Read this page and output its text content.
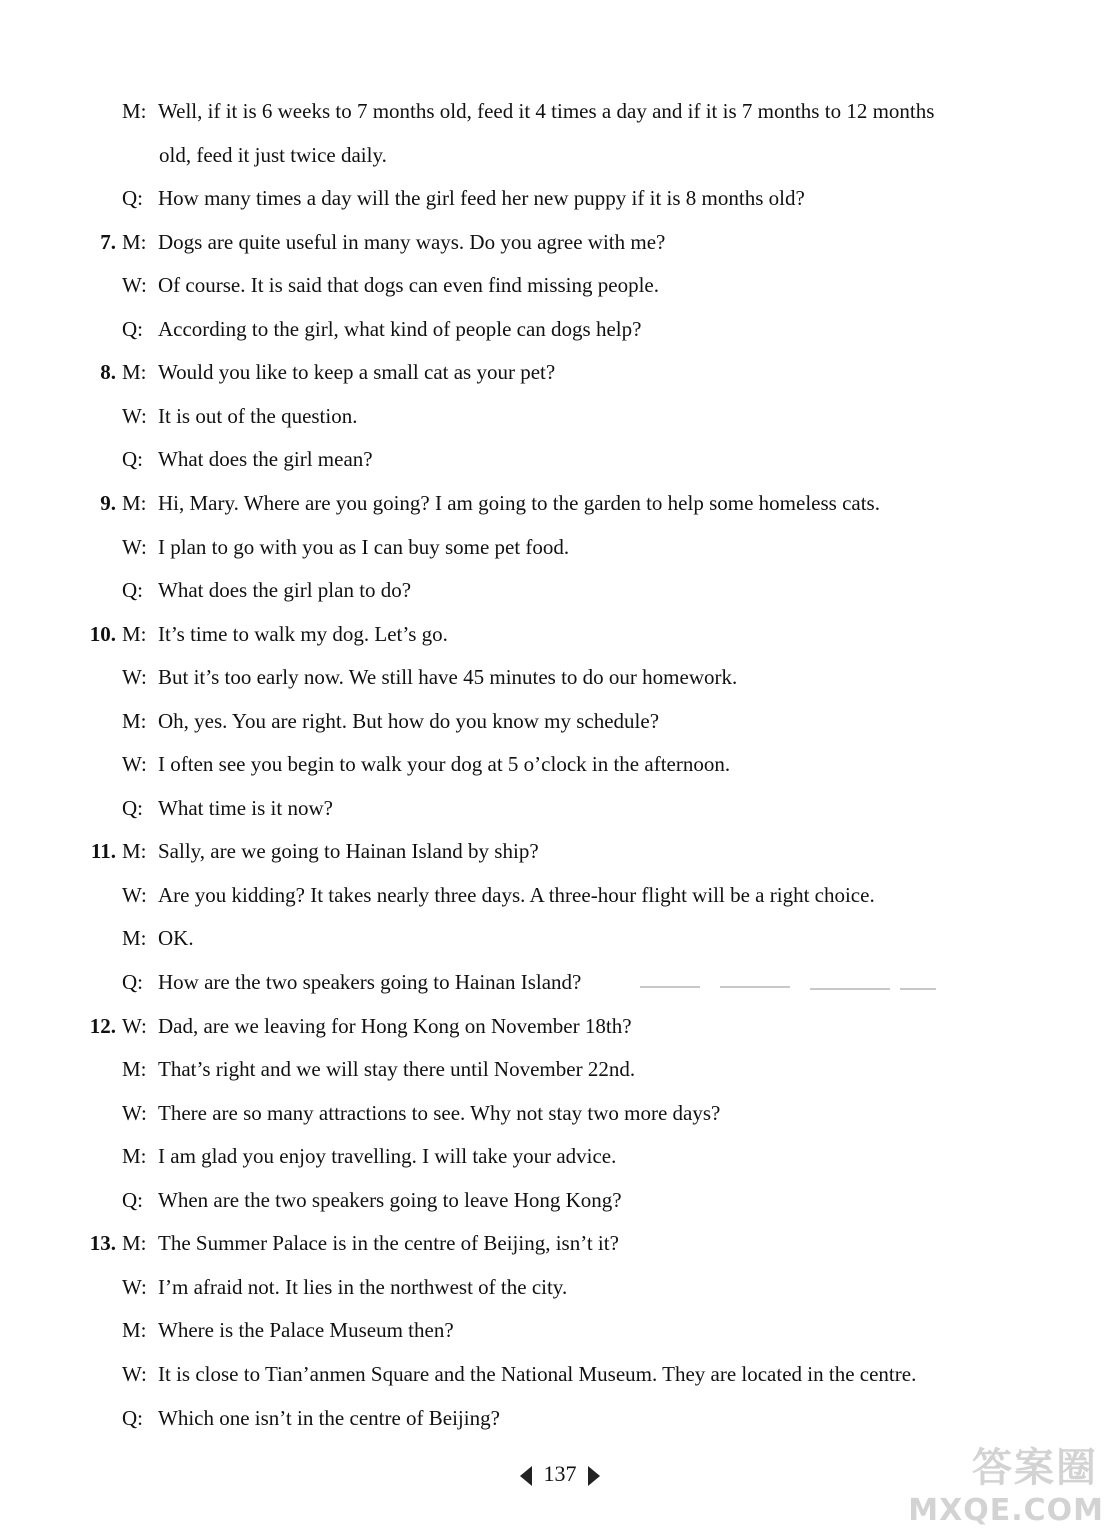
M: Well, if it is 6 weeks to 7 months old, feed it 4 times a day and if it is 7 months to 12 months
old, feed it just twice daily.
Q: How many times a day will the girl feed her new puppy if it is 8 months old?
7. M: Dogs are quite useful in many ways. Do you agree with me?
W: Of course. It is said that dogs can even find missing people.
Q: According to the girl, what kind of people can dogs help?
8. M: Would you like to keep a small cat as your pet?
W: It is out of the question.
Q: What does the girl mean?
9. M: Hi, Mary. Where are you going? I am going to the garden to help some homeless cats.
W: I plan to go with you as I can buy some pet food.
Q: What does the girl plan to do?
10. M: It’s time to walk my dog. Let’s go.
W: But it’s too early now. We still have 45 minutes to do our homework.
M: Oh, yes. You are right. But how do you know my schedule?
W: I often see you begin to walk your dog at 5 o’clock in the afternoon.
Q: What time is it now?
11. M: Sally, are we going to Hainan Island by ship?
W: Are you kidding? It takes nearly three days. A three-hour flight will be a right choice.
M: OK.
Q: How are the two speakers going to Hainan Island?
12. W: Dad, are we leaving for Hong Kong on November 18th?
M: That’s right and we will stay there until November 22nd.
W: There are so many attractions to see. Why not stay two more days?
M: I am glad you enjoy travelling. I will take your advice.
Q: When are the two speakers going to leave Hong Kong?
13. M: The Summer Palace is in the centre of Beijing, isn’t it?
W: I’m afraid not. It lies in the northwest of the city.
M: Where is the Palace Museum then?
W: It is close to Tian’anmen Square and the National Museum. They are located in the centre.
Q: Which one isn’t in the centre of Beijing?
137	答案圈
MXQE.COM
